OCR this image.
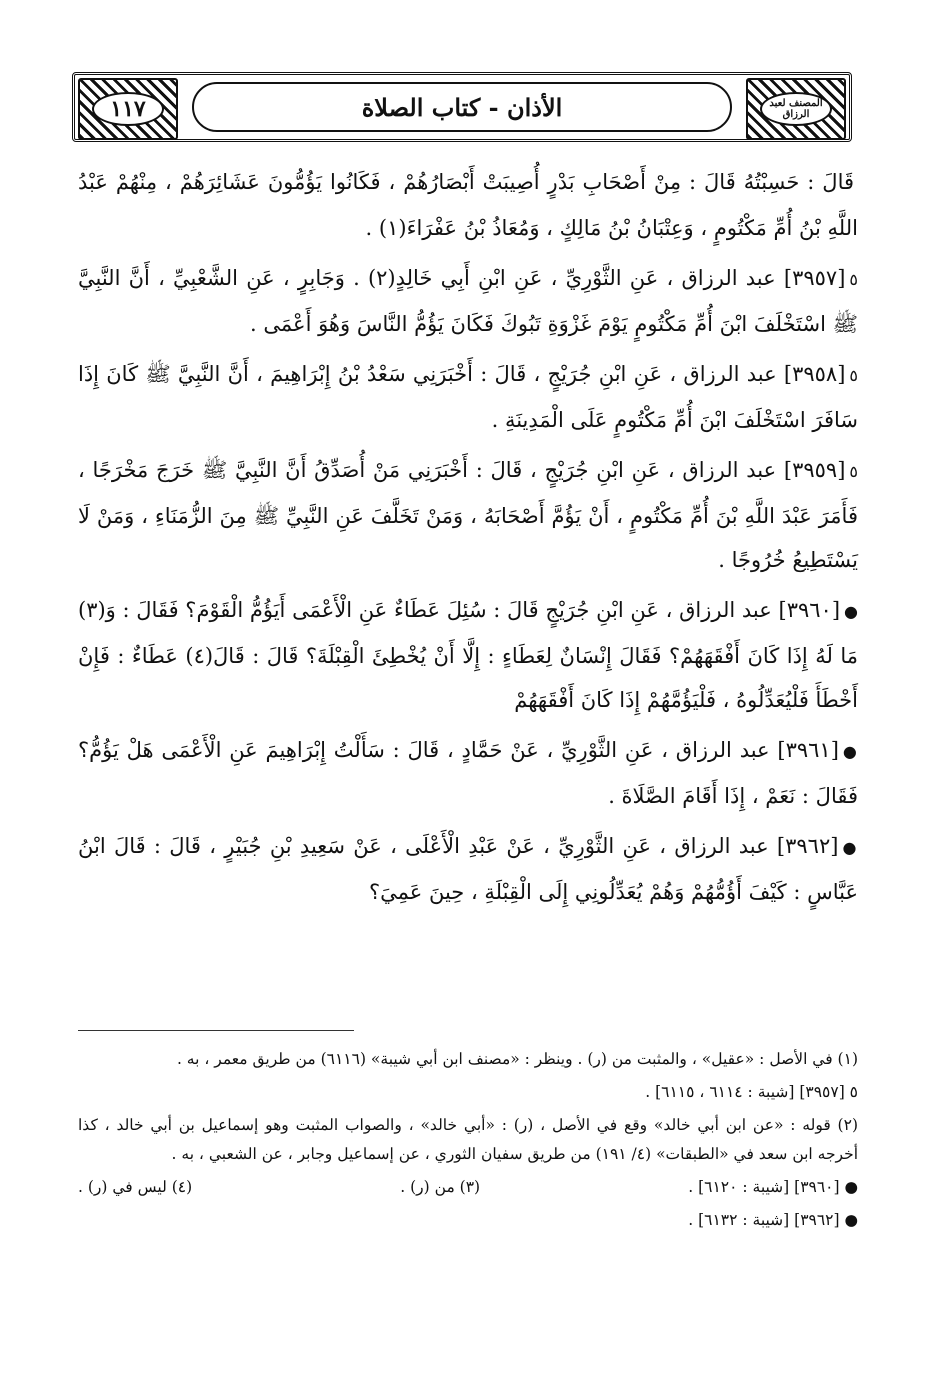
١١٧	الأذان - كتاب الصلاة	المصنف لعبد الرزاق

قَالَ : حَسِبْتُهُ قَالَ : مِنْ أَصْحَابِ بَدْرٍ أُصِيبَتْ أَبْصَارُهُمْ ، فَكَانُوا يَؤُمُّونَ عَشَائِرَهُمْ ، مِنْهُمْ عَبْدُ اللَّهِ بْنُ أُمِّ مَكْتُومٍ ، وَعِتْبَانُ بْنُ مَالِكٍ ، وَمُعَاذُ بْنُ عَفْرَاءَ(١) .

٥[٣٩٥٧] عبد الرزاق ، عَنِ الثَّوْرِيِّ ، عَنِ ابْنِ أَبِي خَالِدٍ(٢) . وَجَابِرٍ ، عَنِ الشَّعْبِيِّ ، أَنَّ النَّبِيَّ ﷺ اسْتَخْلَفَ ابْنَ أُمِّ مَكْتُومٍ يَوْمَ غَزْوَةِ تَبُوكَ فَكَانَ يَؤُمُّ النَّاسَ وَهُوَ أَعْمَى .

٥[٣٩٥٨] عبد الرزاق ، عَنِ ابْنِ جُرَيْجٍ ، قَالَ : أَخْبَرَنِي سَعْدُ بْنُ إِبْرَاهِيمَ ، أَنَّ النَّبِيَّ ﷺ كَانَ إِذَا سَافَرَ اسْتَخْلَفَ ابْنَ أُمِّ مَكْتُومٍ عَلَى الْمَدِينَةِ .

٥[٣٩٥٩] عبد الرزاق ، عَنِ ابْنِ جُرَيْجٍ ، قَالَ : أَخْبَرَنِي مَنْ أُصَدِّقُ أَنَّ النَّبِيَّ ﷺ خَرَجَ مَخْرَجًا ، فَأَمَرَ عَبْدَ اللَّهِ بْنَ أُمِّ مَكْتُومٍ ، أَنْ يَؤُمَّ أَصْحَابَهُ ، وَمَنْ تَخَلَّفَ عَنِ النَّبِيِّ ﷺ مِنَ الزُّمَنَاءِ ، وَمَنْ لَا يَسْتَطِيعُ خُرُوجًا .

●[٣٩٦٠] عبد الرزاق ، عَنِ ابْنِ جُرَيْجٍ قَالَ : سُئِلَ عَطَاءٌ عَنِ الْأَعْمَى أَيَؤُمُّ الْقَوْمَ؟ فَقَالَ : وَ(٣) مَا لَهُ إِذَا كَانَ أَفْقَهَهُمْ؟ فَقَالَ إِنْسَانٌ لِعَطَاءٍ : إِلَّا أَنْ يُخْطِئَ الْقِبْلَةَ؟ قَالَ : قَالَ(٤) عَطَاءٌ : فَإِنْ أَخْطَأَ فَلْيُعَدِّلُوهُ ، فَلْيَؤُمَّهُمْ إِذَا كَانَ أَفْقَهَهُمْ

●[٣٩٦١] عبد الرزاق ، عَنِ الثَّوْرِيِّ ، عَنْ حَمَّادٍ ، قَالَ : سَأَلْتُ إِبْرَاهِيمَ عَنِ الْأَعْمَى هَلْ يَؤُمُّ؟ فَقَالَ : نَعَمْ ، إِذَا أَقَامَ الصَّلَاةَ .

●[٣٩٦٢] عبد الرزاق ، عَنِ الثَّوْرِيِّ ، عَنْ عَبْدِ الْأَعْلَى ، عَنْ سَعِيدِ بْنِ جُبَيْرٍ ، قَالَ : قَالَ ابْنُ عَبَّاسٍ : كَيْفَ أَؤُمُّهُمْ وَهُمْ يُعَدِّلُونِي إِلَى الْقِبْلَةِ ، حِينَ عَمِيَ؟

(١) في الأصل : «عقيل» ، والمثبت من (ر) . وينظر : «مصنف ابن أبي شيبة» (٦١١٦) من طريق معمر ، به .

٥ [٣٩٥٧] [شيبة : ٦١١٤ ، ٦١١٥] .

(٢) قوله : «عن ابن أبي خالد» وقع في الأصل ، (ر) : «أبي خالد» ، والصواب المثبت وهو إسماعيل بن أبي خالد ، كذا أخرجه ابن سعد في «الطبقات» (٤/ ١٩١) من طريق سفيان الثوري ، عن إسماعيل وجابر ، عن الشعبي ، به .

● [٣٩٦٠] [شيبة : ٦١٢٠] .
(٣) من (ر) .
(٤) ليس في (ر) .

● [٣٩٦٢] [شيبة : ٦١٣٢] .
